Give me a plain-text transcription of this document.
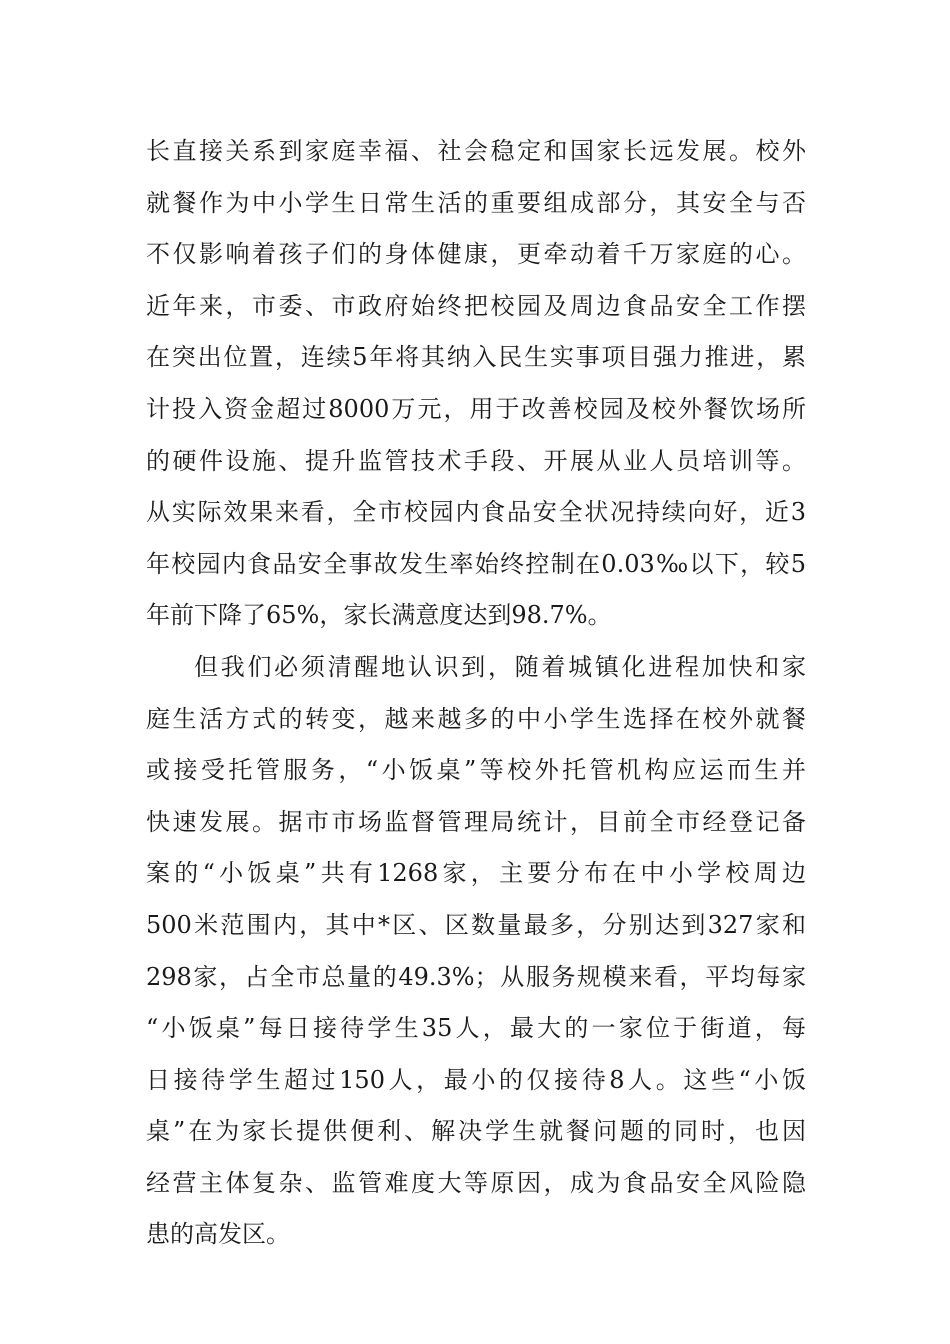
长直接关系到家庭幸福、社会稳定和国家长远发展。校外
就餐作为中小学生日常生活的重要组成部分，其安全与否
不仅影响着孩子们的身体健康，更牵动着千万家庭的心。
近年来，市委、市政府始终把校园及周边食品安全工作摆
在突出位置，连续5年将其纳入民生实事项目强力推进，累
计投入资金超过8000万元，用于改善校园及校外餐饮场所
的硬件设施、提升监管技术手段、开展从业人员培训等。
从实际效果来看，全市校园内食品安全状况持续向好，近3
年校园内食品安全事故发生率始终控制在0.03‰以下，较5
年前下降了65%，家长满意度达到98.7%。
但我们必须清醒地认识到，随着城镇化进程加快和家
庭生活方式的转变，越来越多的中小学生选择在校外就餐
或接受托管服务，“小饭桌”等校外托管机构应运而生并
快速发展。据市市场监督管理局统计，目前全市经登记备
案的“小饭桌”共有1268家，主要分布在中小学校周边
500米范围内，其中*区、区数量最多，分别达到327家和
298家，占全市总量的49.3%；从服务规模来看，平均每家
“小饭桌”每日接待学生35人，最大的一家位于街道，每
日接待学生超过150人，最小的仅接待8人。这些“小饭
桌”在为家长提供便利、解决学生就餐问题的同时，也因
经营主体复杂、监管难度大等原因，成为食品安全风险隐
患的高发区。
